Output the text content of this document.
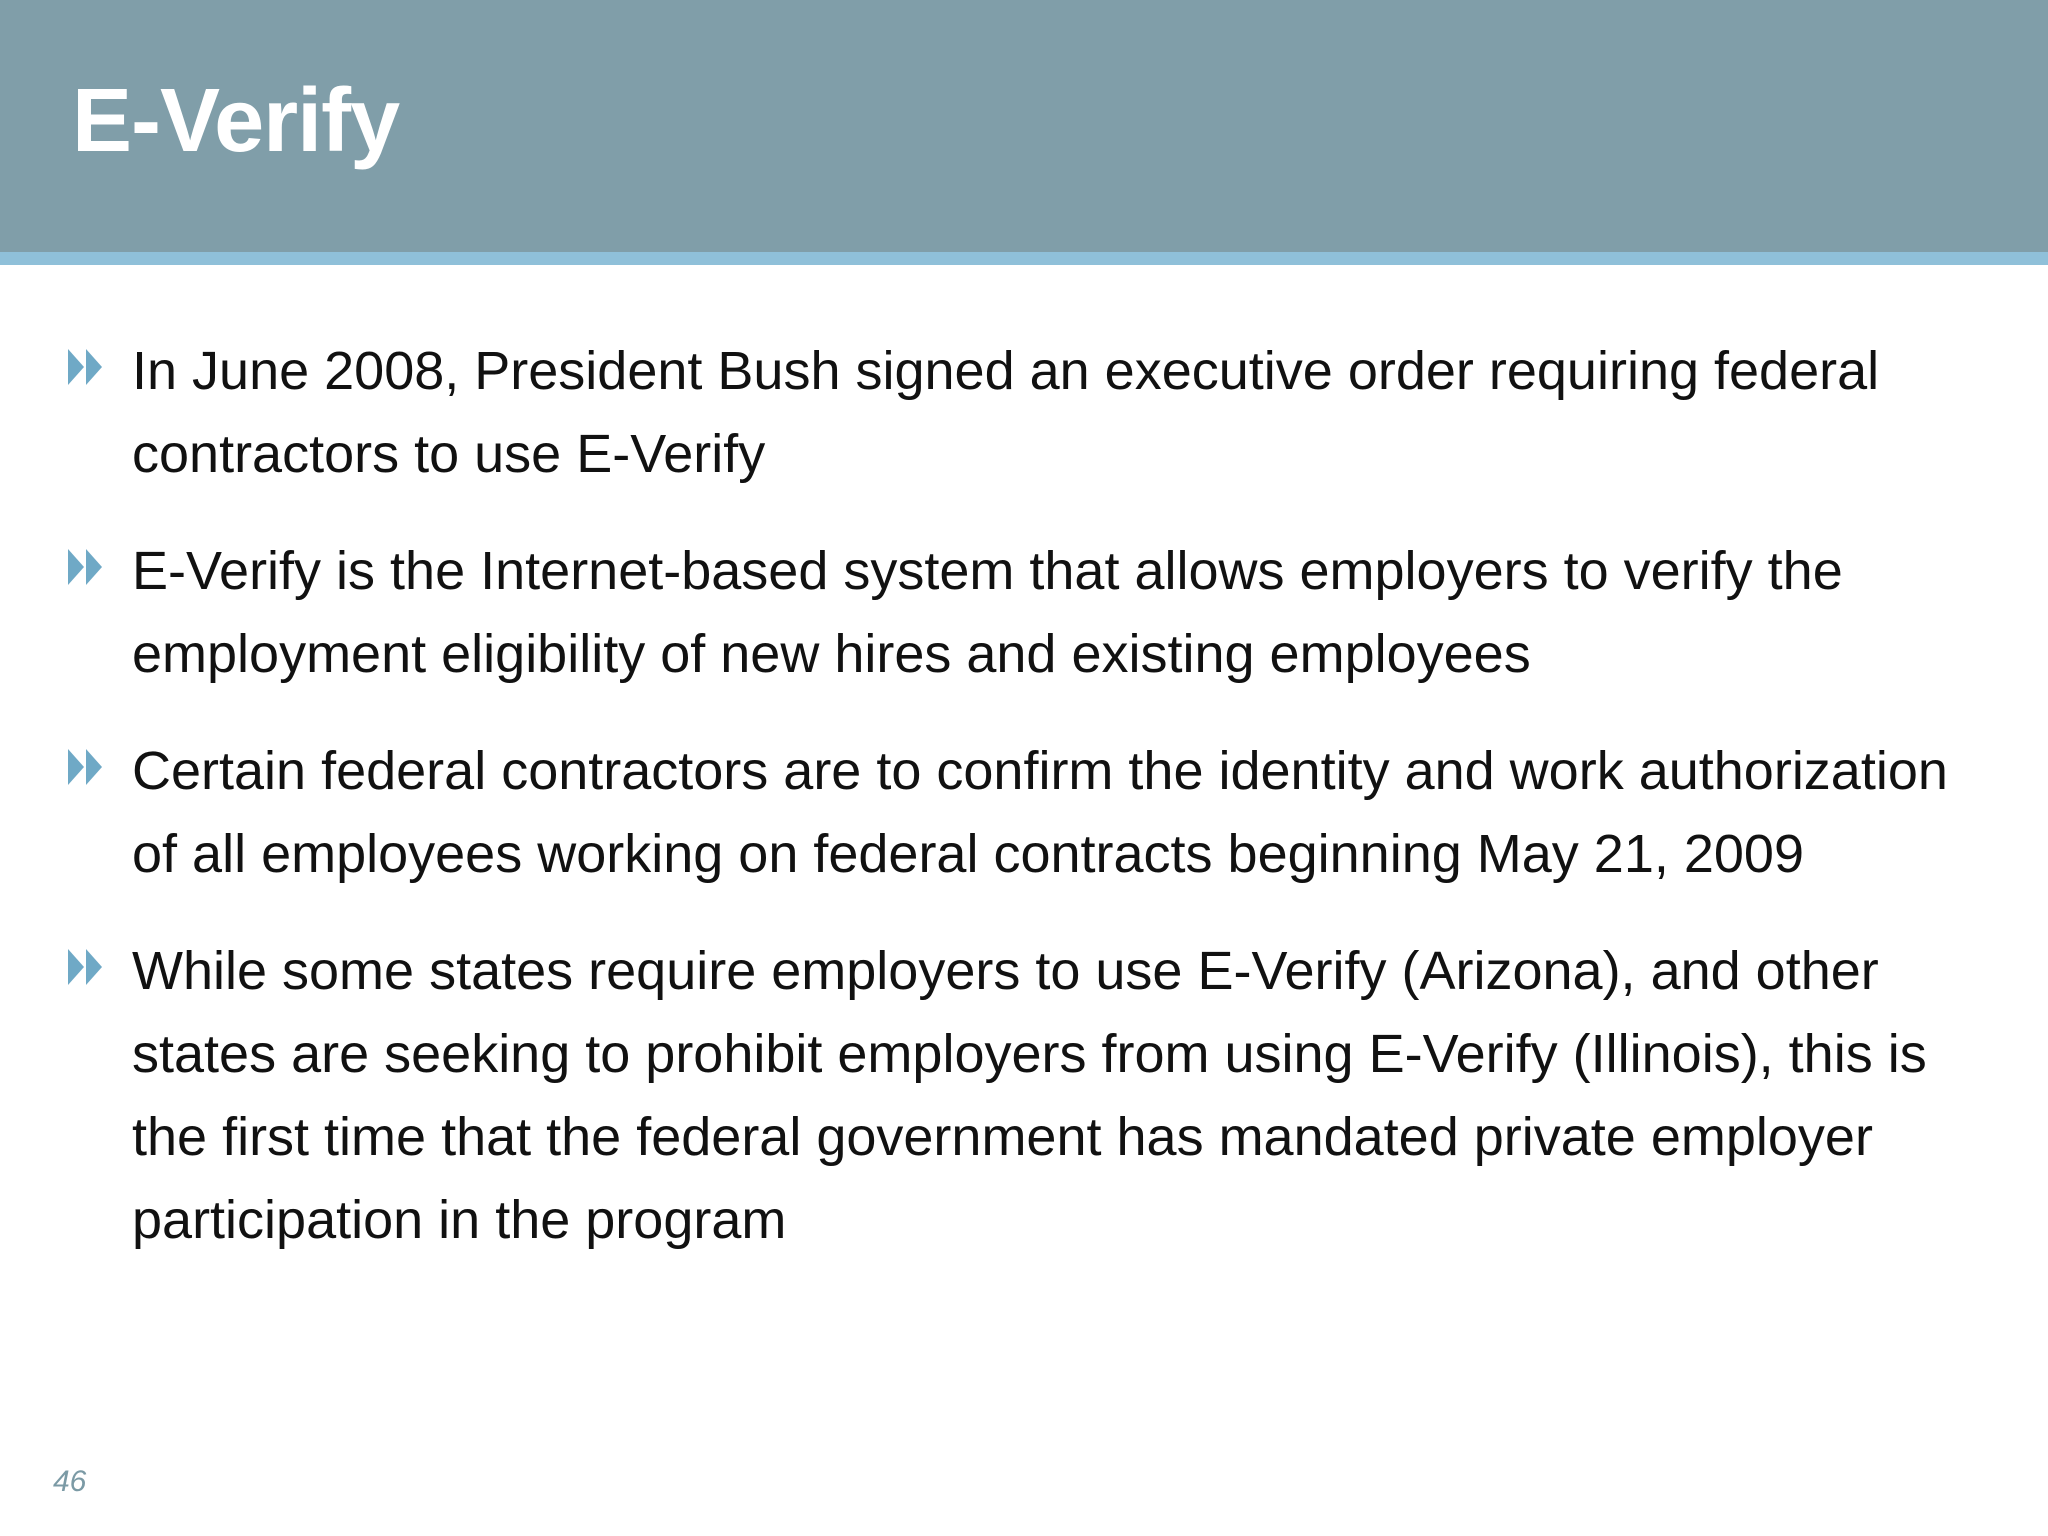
E-Verify
In June 2008, President Bush signed an executive order requiring federal contractors to use E-Verify
E-Verify is the Internet-based system that allows employers to verify the employment eligibility of new hires and existing employees
Certain federal contractors are to confirm the identity and work authorization of all employees working on federal contracts beginning May 21, 2009
While some states require employers to use E-Verify (Arizona), and other states are seeking to prohibit employers from using E-Verify (Illinois), this is the first time that the federal government has mandated private employer participation in the program
46
